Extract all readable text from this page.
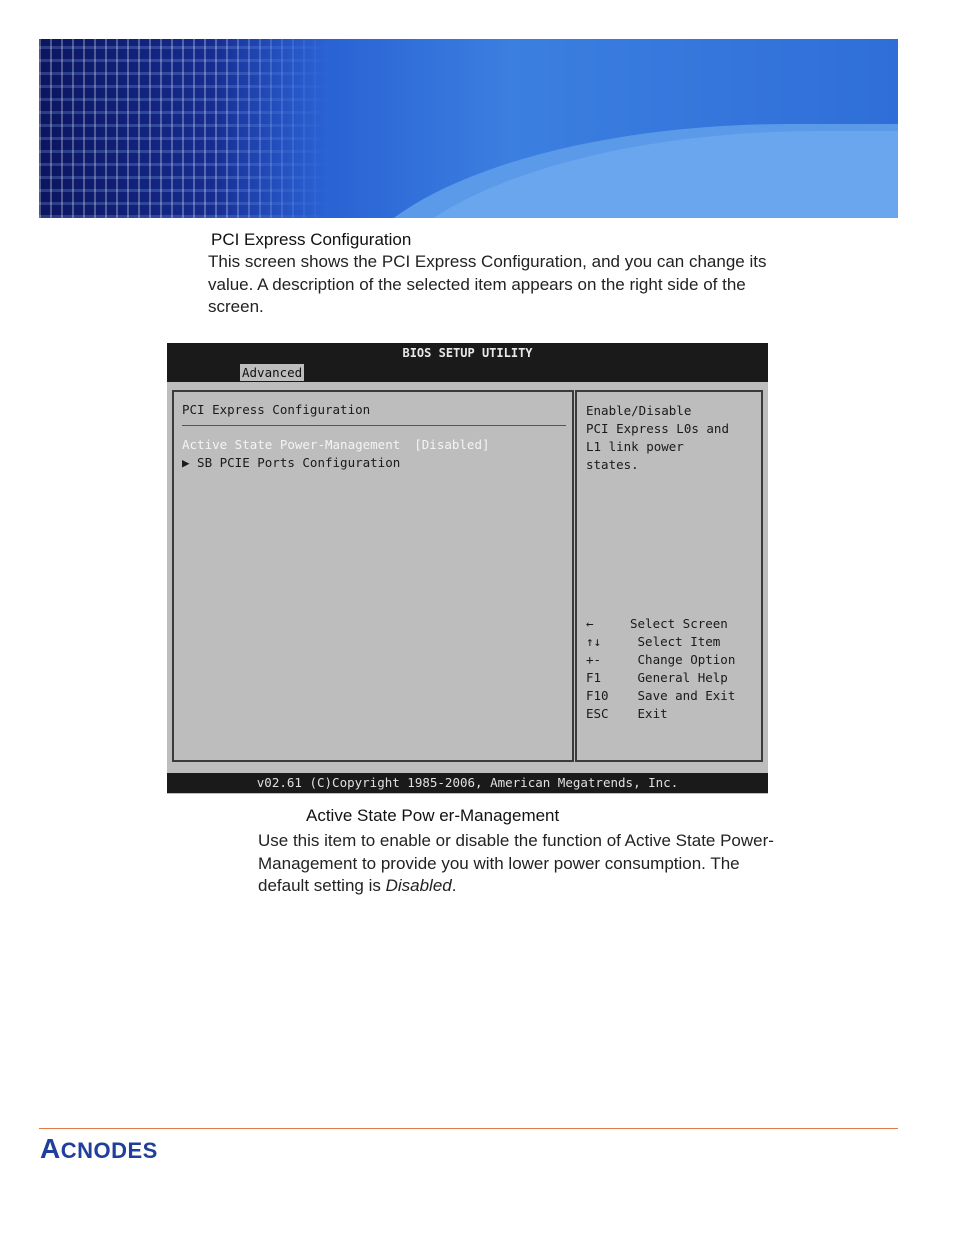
PCI Express Configuration
This screen shows the PCI Express Configuration, and you can change its value. A description of the selected item appears on the right side of the screen.
BIOS SETUP UTILITY
Advanced
PCI Express Configuration
Active State Power-Management [Disabled]
▶ SB PCIE Ports Configuration
Enable/Disable
PCI Express L0s and
L1 link power
states.
←	Select Screen
↑↓	Select Item
+-	Change Option
F1	General Help
F10	Save and Exit
ESC	Exit
v02.61 (C)Copyright 1985-2006, American Megatrends, Inc.
Active State Pow er-Management
Use this item to enable or disable the function of Active State Power-Management to provide you with lower power consumption. The default setting is Disabled.
ACNODES
